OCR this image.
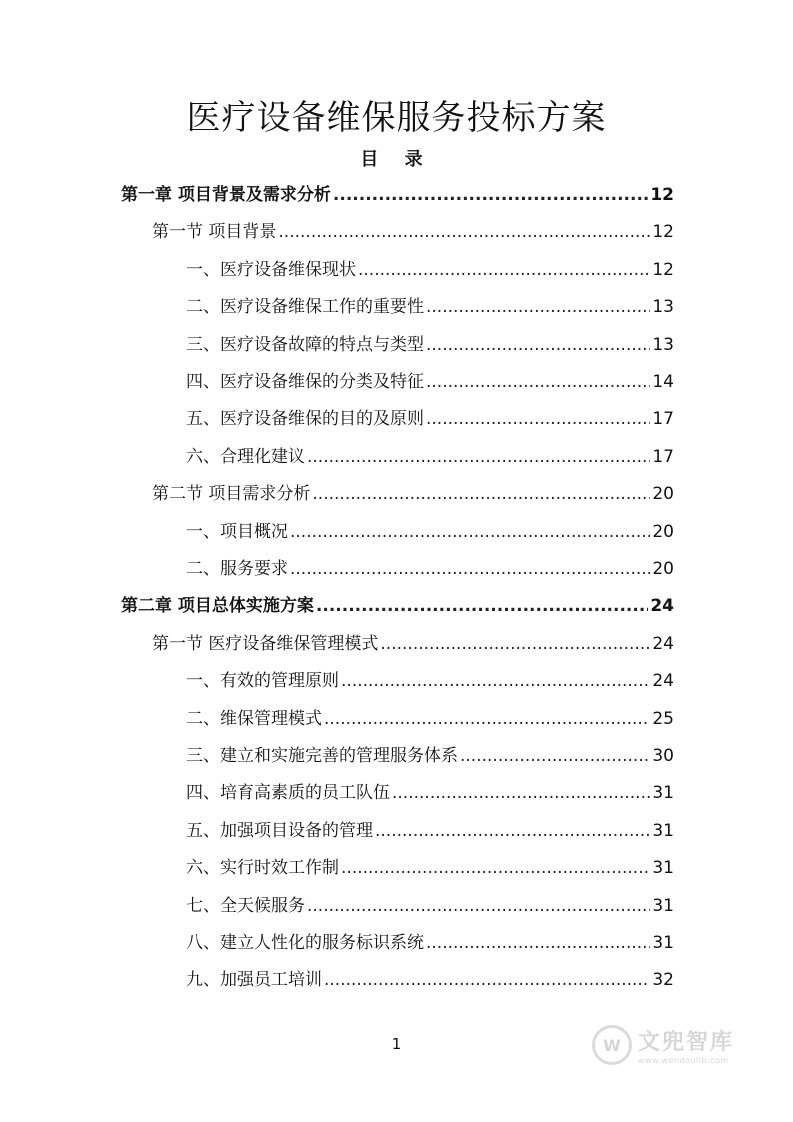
医疗设备维保服务投标方案
目 录
第一章 项目背景及需求分析 .....	12
第一节 项目背景 .....	12
一、医疗设备维保现状 .....	12
二、医疗设备维保工作的重要性 .....	13
三、医疗设备故障的特点与类型 .....	13
四、医疗设备维保的分类及特征 .....	14
五、医疗设备维保的目的及原则 .....	17
六、合理化建议 .....	17
第二节 项目需求分析 .....	20
一、项目概况 .....	20
二、服务要求 .....	20
第二章 项目总体实施方案 .....	24
第一节 医疗设备维保管理模式 .....	24
一、有效的管理原则 .....	24
二、维保管理模式 .....	25
三、建立和实施完善的管理服务体系 .....	30
四、培育高素质的员工队伍 .....	31
五、加强项目设备的管理 .....	31
六、实行时效工作制 .....	31
七、全天候服务 .....	31
八、建立人性化的服务标识系统 .....	31
九、加强员工培训 .....	32
1	W 文兜智库
www.wendoulib.com
